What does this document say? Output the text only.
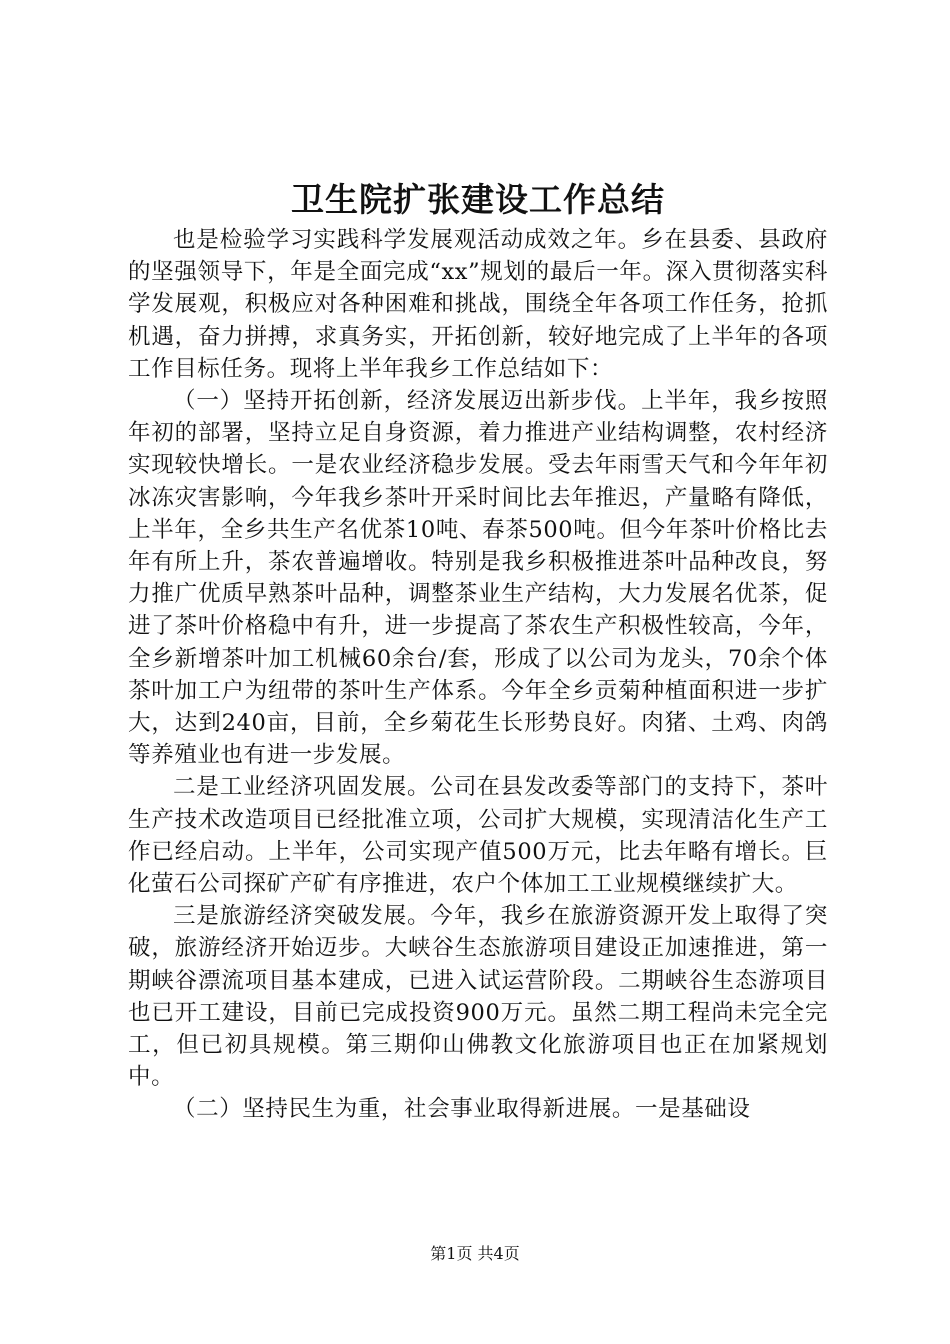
卫生院扩张建设工作总结

也是检验学习实践科学发展观活动成效之年。乡在县委、县政府的坚强领导下，年是全面完成“xx”规划的最后一年。深入贯彻落实科学发展观，积极应对各种困难和挑战，围绕全年各项工作任务，抢抓机遇，奋力拼搏，求真务实，开拓创新，较好地完成了上半年的各项工作目标任务。现将上半年我乡工作总结如下：

（一）坚持开拓创新，经济发展迈出新步伐。上半年，我乡按照年初的部署，坚持立足自身资源，着力推进产业结构调整，农村经济实现较快增长。一是农业经济稳步发展。受去年雨雪天气和今年年初冰冻灾害影响，今年我乡茶叶开采时间比去年推迟，产量略有降低，上半年，全乡共生产名优茶10吨、春茶500吨。但今年茶叶价格比去年有所上升，茶农普遍增收。特别是我乡积极推进茶叶品种改良，努力推广优质早熟茶叶品种，调整茶业生产结构，大力发展名优茶，促进了茶叶价格稳中有升，进一步提高了茶农生产积极性较高，今年，全乡新增茶叶加工机械60余台/套，形成了以公司为龙头，70余个体茶叶加工户为纽带的茶叶生产体系。今年全乡贡菊种植面积进一步扩大，达到240亩，目前，全乡菊花生长形势良好。肉猪、土鸡、肉鸽等养殖业也有进一步发展。

二是工业经济巩固发展。公司在县发改委等部门的支持下，茶叶生产技术改造项目已经批准立项，公司扩大规模，实现清洁化生产工作已经启动。上半年，公司实现产值500万元，比去年略有增长。巨化萤石公司探矿产矿有序推进，农户个体加工工业规模继续扩大。

三是旅游经济突破发展。今年，我乡在旅游资源开发上取得了突破，旅游经济开始迈步。大峡谷生态旅游项目建设正加速推进，第一期峡谷漂流项目基本建成，已进入试运营阶段。二期峡谷生态游项目也已开工建设，目前已完成投资900万元。虽然二期工程尚未完全完工，但已初具规模。第三期仰山佛教文化旅游项目也正在加紧规划中。

（二）坚持民生为重，社会事业取得新进展。一是基础设

第1页 共4页
